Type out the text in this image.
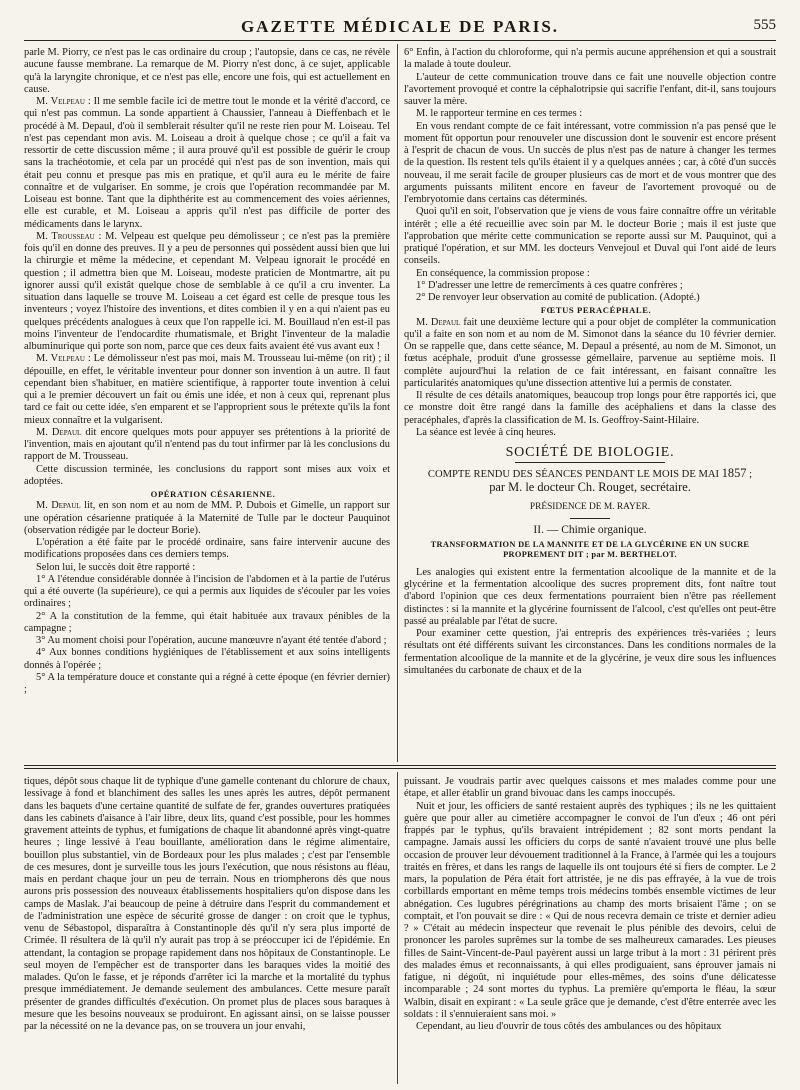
GAZETTE MÉDICALE DE PARIS.	555

parle M. Piorry, ce n'est pas le cas ordinaire du croup ; l'autopsie, dans ce cas, ne révèle aucune fausse membrane. La remarque de M. Piorry n'est donc, à ce sujet, applicable qu'à la laryngite chronique, et ce n'est pas elle, encore une fois, qui est actuellement en cause.

M. Velpeau : Il me semble facile ici de mettre tout le monde et la vérité d'accord, ce qui n'est pas commun. La sonde appartient à Chaussier, l'anneau à Dieffenbach et le procédé à M. Depaul, d'où il semblerait résulter qu'il ne reste rien pour M. Loiseau. Tel n'est pas cependant mon avis. M. Loiseau a droit à quelque chose ; ce qu'il a fait va ressortir de cette discussion même ; il aura prouvé qu'il est possible de guérir le croup sans la trachéotomie, et cela par un procédé qui n'est pas de son invention, mais qui était peu connu et presque pas mis en pratique, et qu'il aura eu le mérite de faire connaître et de vulgariser. En somme, je crois que l'opération recommandée par M. Loiseau est bonne. Tant que la diphthérite est au commencement des voies aériennes, elle est curable, et M. Loiseau a appris qu'il n'est pas difficile de porter des médicaments dans le larynx.

M. Trousseau : M. Velpeau est quelque peu démolisseur ; ce n'est pas la première fois qu'il en donne des preuves. Il y a peu de personnes qui possèdent aussi bien que lui la chirurgie et même la médecine, et cependant M. Velpeau ignorait le procédé en question ; il admettra bien que M. Loiseau, modeste praticien de Montmartre, ait pu ignorer aussi qu'il existât quelque chose de semblable à ce qu'il a cru inventer. La situation dans laquelle se trouve M. Loiseau a cet égard est celle de presque tous les inventeurs ; voyez l'histoire des inventions, et dites combien il y en a qui n'aient pas eu quelques précédents analogues à ceux que l'on rappelle ici. M. Bouillaud n'en est-il pas moins l'inventeur de l'endocardite rhumatismale, et Bright l'inventeur de la maladie albuminurique qui porte son nom, parce que ces deux faits avaient été vus avant eux !

M. Velpeau : Le démolisseur n'est pas moi, mais M. Trousseau lui-même (on rit) ; il dépouille, en effet, le véritable inventeur pour donner son invention à un autre. Il faut cependant bien s'habituer, en matière scientifique, à rapporter toute invention à celui qui a le premier découvert un fait ou émis une idée, et non à ceux qui, reprenant plus tard ce fait ou cette idée, s'en emparent et se l'approprient sous le prétexte qu'ils la font mieux connaître et la vulgarisent.

M. Depaul dit encore quelques mots pour appuyer ses prétentions à la priorité de l'invention, mais en ajoutant qu'il n'entend pas du tout infirmer par là les conclusions du rapport de M. Trousseau.

Cette discussion terminée, les conclusions du rapport sont mises aux voix et adoptées.

OPÉRATION CÉSARIENNE.

M. Depaul lit, en son nom et au nom de MM. P. Dubois et Gimelle, un rapport sur une opération césarienne pratiquée à la Maternité de Tulle par le docteur Pauquinot (observation rédigée par le docteur Borie).

L'opération a été faite par le procédé ordinaire, sans faire intervenir aucune des modifications proposées dans ces derniers temps.

Selon lui, le succès doit être rapporté :

1° A l'étendue considérable donnée à l'incision de l'abdomen et à la partie de l'utérus qui a été ouverte (la supérieure), ce qui a permis aux liquides de s'écouler par les voies ordinaires ;

2° A la constitution de la femme, qui était habituée aux travaux pénibles de la campagne ;

3° Au moment choisi pour l'opération, aucune manœuvre n'ayant été tentée d'abord ;

4° Aux bonnes conditions hygiéniques de l'établissement et aux soins intelligents donnés à l'opérée ;

5° A la température douce et constante qui a régné à cette époque (en février dernier) ;

6° Enfin, à l'action du chloroforme, qui n'a permis aucune appréhension et qui a soustrait la malade à toute douleur.

L'auteur de cette communication trouve dans ce fait une nouvelle objection contre l'avortement provoqué et contre la céphalotripsie qui sacrifie l'enfant, dit-il, sans toujours sauver la mère.

M. le rapporteur termine en ces termes :

En vous rendant compte de ce fait intéressant, votre commission n'a pas pensé que le moment fût opportun pour renouveler une discussion dont le souvenir est encore présent à l'esprit de chacun de vous. Un succès de plus n'est pas de nature à changer les termes de la question. Ils restent tels qu'ils étaient il y a quelques années ; car, à côté d'un succès nouveau, il me serait facile de grouper plusieurs cas de mort et de vous montrer que des arguments puissants militent encore en faveur de l'avortement provoqué ou de l'embryotomie dans certains cas déterminés.

Quoi qu'il en soit, l'observation que je viens de vous faire connaître offre un véritable intérêt ; elle a été recueillie avec soin par M. le docteur Borie ; mais il est juste que l'approbation que mérite cette communication se reporte aussi sur M. Pauquinot, qui a pratiqué l'opération, et sur MM. les docteurs Venvejoul et Duval qui l'ont aidé de leurs conseils.

En conséquence, la commission propose :

1° D'adresser une lettre de remercîments à ces quatre confrères ;

2° De renvoyer leur observation au comité de publication. (Adopté.)

FŒTUS PERACÉPHALE.

M. Depaul fait une deuxième lecture qui a pour objet de compléter la communication qu'il a faite en son nom et au nom de M. Simonot dans la séance du 10 février dernier. On se rappelle que, dans cette séance, M. Depaul a présenté, au nom de M. Simonot, un fœtus acéphale, produit d'une grossesse gémellaire, parvenue au septième mois. Il complète aujourd'hui la relation de ce fait intéressant, en faisant connaître les particularités anatomiques qu'une dissection attentive lui a permis de constater.

Il résulte de ces détails anatomiques, beaucoup trop longs pour être rapportés ici, que ce monstre doit être rangé dans la famille des acéphaliens et dans la classe des peracéphales, d'après la classification de M. Is. Geoffroy-Saint-Hilaire.

La séance est levée à cinq heures.

SOCIÉTÉ DE BIOLOGIE.
COMPTE RENDU DES SÉANCES PENDANT LE MOIS DE MAI 1857 ;
par M. le docteur Ch. Rouget, secrétaire.
PRÉSIDENCE DE M. RAYER.
II. — Chimie organique.
TRANSFORMATION DE LA MANNITE ET DE LA GLYCÉRINE EN UN SUCRE PROPREMENT DIT ; par M. BERTHELOT.

Les analogies qui existent entre la fermentation alcoolique de la mannite et de la glycérine et la fermentation alcoolique des sucres proprement dits, font naître tout d'abord l'opinion que ces deux fermentations pourraient bien n'être pas réellement distinctes : si la mannite et la glycérine fournissent de l'alcool, c'est qu'elles ont peut-être passé au préalable par l'état de sucre.

Pour examiner cette question, j'ai entrepris des expériences très-variées ; leurs résultats ont été différents suivant les circonstances. Dans les conditions normales de la fermentation alcoolique de la mannite et de la glycérine, je veux dire sous les influences simultanées du carbonate de chaux et de la

tiques, dépôt sous chaque lit de typhique d'une gamelle contenant du chlorure de chaux, lessivage à fond et blanchiment des salles les unes après les autres, dépôt permanent dans les baquets d'une certaine quantité de sulfate de fer, grandes ouvertures pratiquées dans les cabinets d'aisance à l'air libre, deux lits, quand c'est possible, pour les hommes gravement atteints de typhus, et fumigations de chaque lit abandonné après vingt-quatre heures ; linge lessivé à l'eau bouillante, amélioration dans le régime alimentaire, bouillon plus substantiel, vin de Bordeaux pour les plus malades ; c'est par l'ensemble de ces mesures, dont je surveille tous les jours l'exécution, que nous résistons au fléau, mais en perdant chaque jour un peu de terrain. Nous en triompherons dès que nous aurons pris possession des nouveaux établissements hospitaliers qu'on dispose dans les camps de Maslak. J'ai beaucoup de peine à détruire dans l'esprit du commandement et de l'administration une espèce de sécurité grosse de danger : on croit que le typhus, venu de Sébastopol, disparaîtra à Constantinople dès qu'il n'y sera plus importé de Crimée. Il résultera de là qu'il n'y aurait pas trop à se préoccuper ici de l'épidémie. En attendant, la contagion se propage rapidement dans nos hôpitaux de Constantinople. Le seul moyen de l'empêcher est de transporter dans les baraques vides la moitié des malades. Qu'on le fasse, et je réponds d'arrêter ici la marche et la mortalité du typhus presque immédiatement. Je demande seulement des ambulances. Cette mesure paraît présenter de grandes difficultés d'exécution. On promet plus de places sous baraques à mesure que les besoins nouveaux se produiront. En agissant ainsi, on se laisse pousser par la nécessité on ne la devance pas, on se trouvera un jour envahi,

puissant. Je voudrais partir avec quelques caissons et mes malades comme pour une étape, et aller établir un grand bivouac dans les camps inoccupés.

Nuit et jour, les officiers de santé restaient auprès des typhiques ; ils ne les quittaient guère que pour aller au cimetière accompagner le convoi de l'un d'eux ; 46 ont péri frappés par le typhus, qu'ils bravaient intrépidement ; 82 sont morts pendant la campagne. Jamais aussi les officiers du corps de santé n'avaient trouvé une plus belle occasion de prouver leur dévouement traditionnel à la France, à l'armée qui les a toujours traités en frères, et dans les rangs de laquelle ils ont toujours été si fiers de compter. Le 2 mars, la population de Péra était fort attristée, je ne dis pas effrayée, à la vue de trois corbillards emportant en même temps trois médecins tombés ensemble victimes de leur abnégation. Ces lugubres pérégrinations au champ des morts brisaient l'âme ; on se comptait, et l'on pouvait se dire : « Qui de nous recevra demain ce triste et dernier adieu ? » C'était au médecin inspecteur que revenait le plus pénible des devoirs, celui de prononcer les paroles suprêmes sur la tombe de ses malheureux camarades. Les pieuses filles de Saint-Vincent-de-Paul payèrent aussi un large tribut à la mort : 31 périrent près des malades émus et reconnaissants, à qui elles prodiguaient, sans éprouver jamais ni fatigue, ni dégoût, ni inquiétude pour elles-mêmes, des soins d'une délicatesse incomparable ; 24 sont mortes du typhus. La première qu'emporta le fléau, la sœur Walbin, disait en expirant : « La seule grâce que je demande, c'est d'être enterrée avec les soldats : il s'ennuieraient sans moi. »

Cependant, au lieu d'ouvrir de tous côtés des ambulances ou des hôpitaux
